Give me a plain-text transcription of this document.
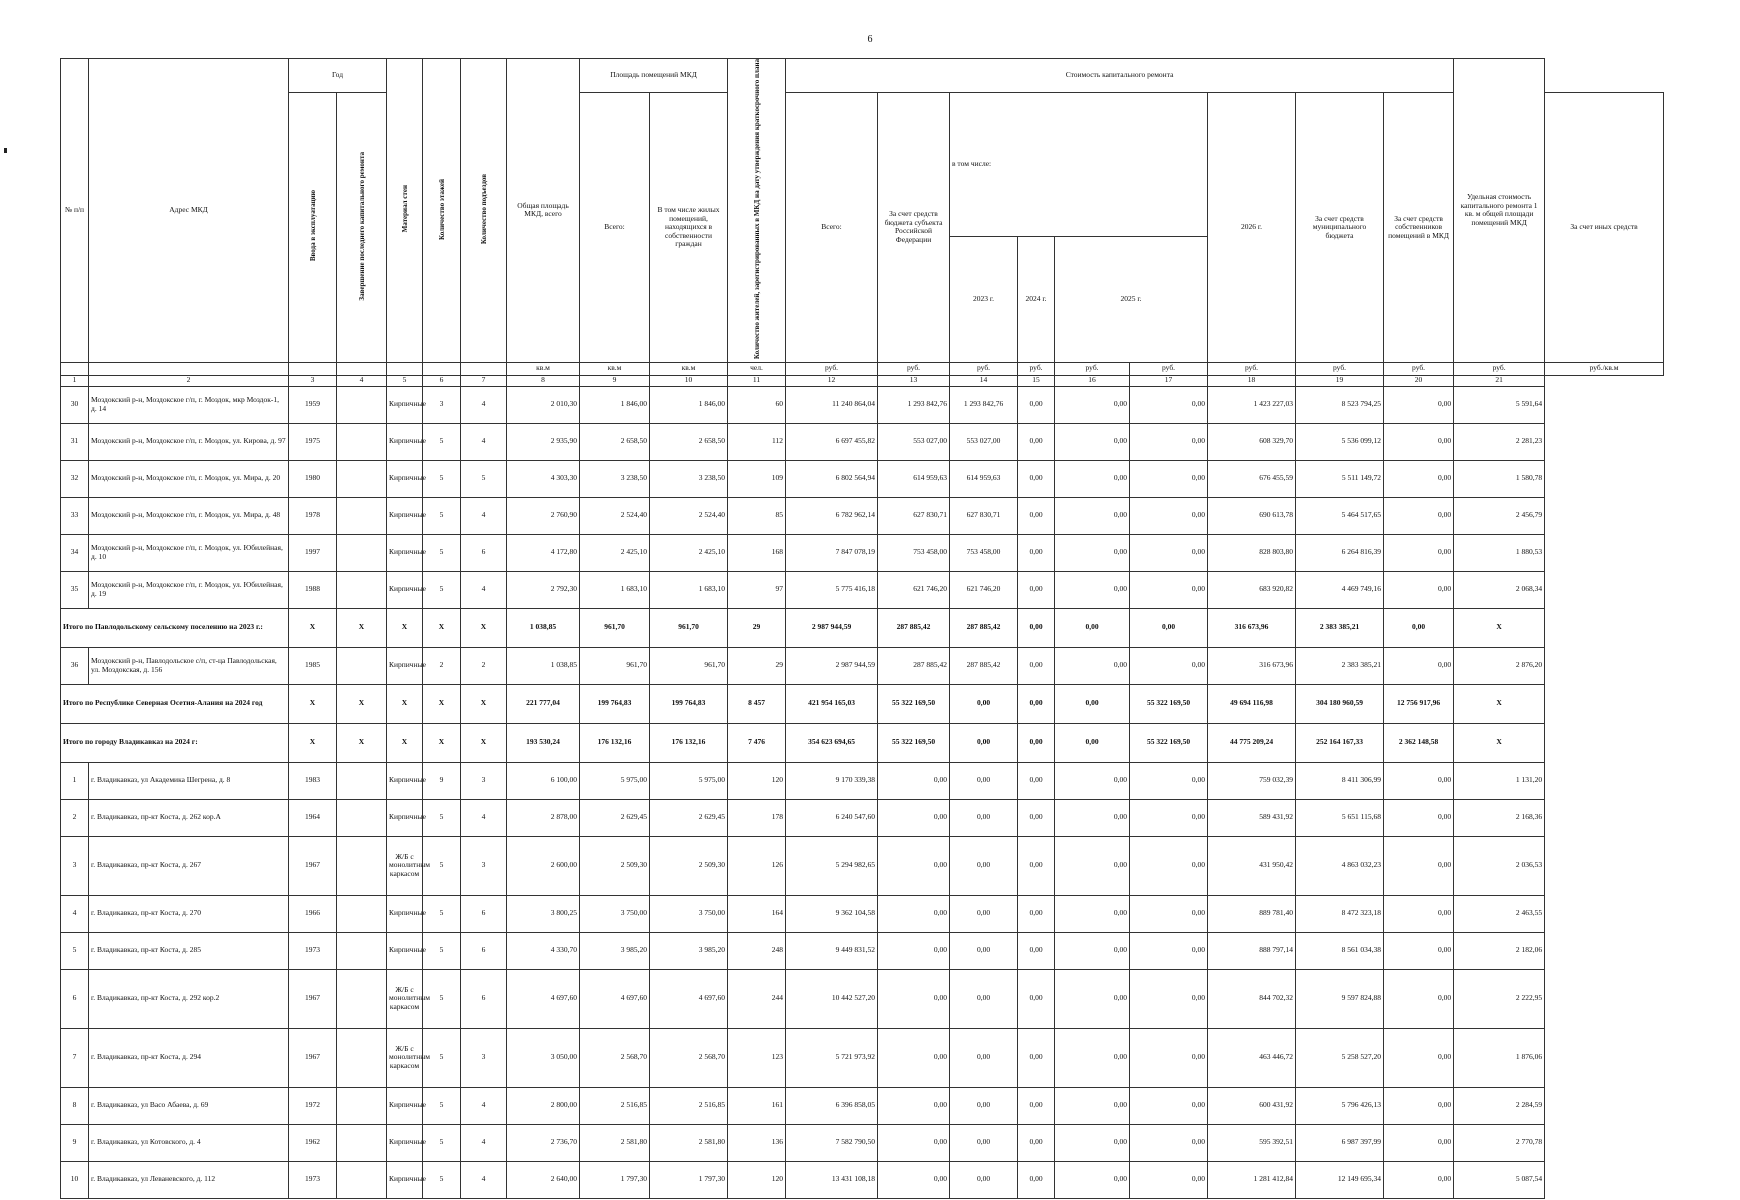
6
№ п/п	Адрес МКД	Год		Материал стен	Количество этажей	Количество подъездов	Общая площадь МКД, всего	Площадь помещений МКД		Количество жителей, зарегистрированных в МКД на дату утверждения краткосрочного плана	Стоимость капитального ремонта									Удельная стоимость капитального ремонта 1 кв. м общей площади помещений МКД	
		Ввода в эксплуатацию	Завершение последнего капитального ремонта					Всего:	В том числе жилых помещений, находящихся в собственности граждан		Всего:	За счет средств бюджета субъекта Российской Федерации	в том числе:				2026 г.	За счет средств муниципального бюджета	За счет средств собственников помещений в МКД		За счет иных средств
													2023 г.	2024 г.	2025 г.						
							кв.м	кв.м	кв.м	чел.	руб.	руб.	руб.	руб.	руб.	руб.	руб.	руб.	руб.	руб.	руб./кв.м
1	2	3	4	5	6	7	8	9	10	11	12	13	14	15	16	17	18	19	20	21	
30	Моздокский р-н, Моздокское г/п, г. Моздок, мкр Моздок-1, д. 14	1959		Кирпичные	3	4	2 010,30	1 846,00	1 846,00	60	11 240 864,04	1 293 842,76	1 293 842,76	0,00	0,00	0,00	1 423 227,03	8 523 794,25	0,00	5 591,64	
31	Моздокский р-н, Моздокское г/п, г. Моздок, ул. Кирова, д. 97	1975		Кирпичные	5	4	2 935,90	2 658,50	2 658,50	112	6 697 455,82	553 027,00	553 027,00	0,00	0,00	0,00	608 329,70	5 536 099,12	0,00	2 281,23	
32	Моздокский р-н, Моздокское г/п, г. Моздок, ул. Мира, д. 20	1980		Кирпичные	5	5	4 303,30	3 238,50	3 238,50	109	6 802 564,94	614 959,63	614 959,63	0,00	0,00	0,00	676 455,59	5 511 149,72	0,00	1 580,78	
33	Моздокский р-н, Моздокское г/п, г. Моздок, ул. Мира, д. 48	1978		Кирпичные	5	4	2 760,90	2 524,40	2 524,40	85	6 782 962,14	627 830,71	627 830,71	0,00	0,00	0,00	690 613,78	5 464 517,65	0,00	2 456,79	
34	Моздокский р-н, Моздокское г/п, г. Моздок, ул. Юбилейная, д. 10	1997		Кирпичные	5	6	4 172,80	2 425,10	2 425,10	168	7 847 078,19	753 458,00	753 458,00	0,00	0,00	0,00	828 803,80	6 264 816,39	0,00	1 880,53	
35	Моздокский р-н, Моздокское г/п, г. Моздок, ул. Юбилейная, д. 19	1988		Кирпичные	5	4	2 792,30	1 683,10	1 683,10	97	5 775 416,18	621 746,20	621 746,20	0,00	0,00	0,00	683 920,82	4 469 749,16	0,00	2 068,34	
Итого по Павлодольскому сельскому поселению на 2023 г.:		X	X	X	X	X	1 038,85	961,70	961,70	29	2 987 944,59	287 885,42	287 885,42	0,00	0,00	0,00	316 673,96	2 383 385,21	0,00	X	
36	Моздокский р-н, Павлодольское с/п, ст-ца Павлодольская, ул. Моздокская, д. 156	1985		Кирпичные	2	2	1 038,85	961,70	961,70	29	2 987 944,59	287 885,42	287 885,42	0,00	0,00	0,00	316 673,96	2 383 385,21	0,00	2 876,20	
Итого по Республике Северная Осетия-Алания на 2024 год		X	X	X	X	X	221 777,04	199 764,83	199 764,83	8 457	421 954 165,03	55 322 169,50	0,00	0,00	0,00	55 322 169,50	49 694 116,98	304 180 960,59	12 756 917,96	X	
Итого по городу Владикавказ на 2024 г:		X	X	X	X	X	193 530,24	176 132,16	176 132,16	7 476	354 623 694,65	55 322 169,50	0,00	0,00	0,00	55 322 169,50	44 775 209,24	252 164 167,33	2 362 148,58	X	
1	г. Владикавказ, ул Академика Шегрена, д. 8	1983		Кирпичные	9	3	6 100,00	5 975,00	5 975,00	120	9 170 339,38	0,00	0,00	0,00	0,00	0,00	759 032,39	8 411 306,99	0,00	1 131,20	
2	г. Владикавказ, пр-кт Коста, д. 262 кор.А	1964		Кирпичные	5	4	2 878,00	2 629,45	2 629,45	178	6 240 547,60	0,00	0,00	0,00	0,00	0,00	589 431,92	5 651 115,68	0,00	2 168,36	
3	г. Владикавказ, пр-кт Коста, д. 267	1967		Ж/Б с монолитным каркасом	5	3	2 600,00	2 509,30	2 509,30	126	5 294 982,65	0,00	0,00	0,00	0,00	0,00	431 950,42	4 863 032,23	0,00	2 036,53	
4	г. Владикавказ, пр-кт Коста, д. 270	1966		Кирпичные	5	6	3 800,25	3 750,00	3 750,00	164	9 362 104,58	0,00	0,00	0,00	0,00	0,00	889 781,40	8 472 323,18	0,00	2 463,55	
5	г. Владикавказ, пр-кт Коста, д. 285	1973		Кирпичные	5	6	4 330,70	3 985,20	3 985,20	248	9 449 831,52	0,00	0,00	0,00	0,00	0,00	888 797,14	8 561 034,38	0,00	2 182,06	
6	г. Владикавказ, пр-кт Коста, д. 292 кор.2	1967		Ж/Б с монолитным каркасом	5	6	4 697,60	4 697,60	4 697,60	244	10 442 527,20	0,00	0,00	0,00	0,00	0,00	844 702,32	9 597 824,88	0,00	2 222,95	
7	г. Владикавказ, пр-кт Коста, д. 294	1967		Ж/Б с монолитным каркасом	5	3	3 050,00	2 568,70	2 568,70	123	5 721 973,92	0,00	0,00	0,00	0,00	0,00	463 446,72	5 258 527,20	0,00	1 876,06	
8	г. Владикавказ, ул Васо Абаева, д. 69	1972		Кирпичные	5	4	2 800,00	2 516,85	2 516,85	161	6 396 858,05	0,00	0,00	0,00	0,00	0,00	600 431,92	5 796 426,13	0,00	2 284,59	
9	г. Владикавказ, ул Котовского, д. 4	1962		Кирпичные	5	4	2 736,70	2 581,80	2 581,80	136	7 582 790,50	0,00	0,00	0,00	0,00	0,00	595 392,51	6 987 397,99	0,00	2 770,78	
10	г. Владикавказ, ул Леваневского, д. 112	1973		Кирпичные	5	4	2 640,00	1 797,30	1 797,30	120	13 431 108,18	0,00	0,00	0,00	0,00	0,00	1 281 412,84	12 149 695,34	0,00	5 087,54	
